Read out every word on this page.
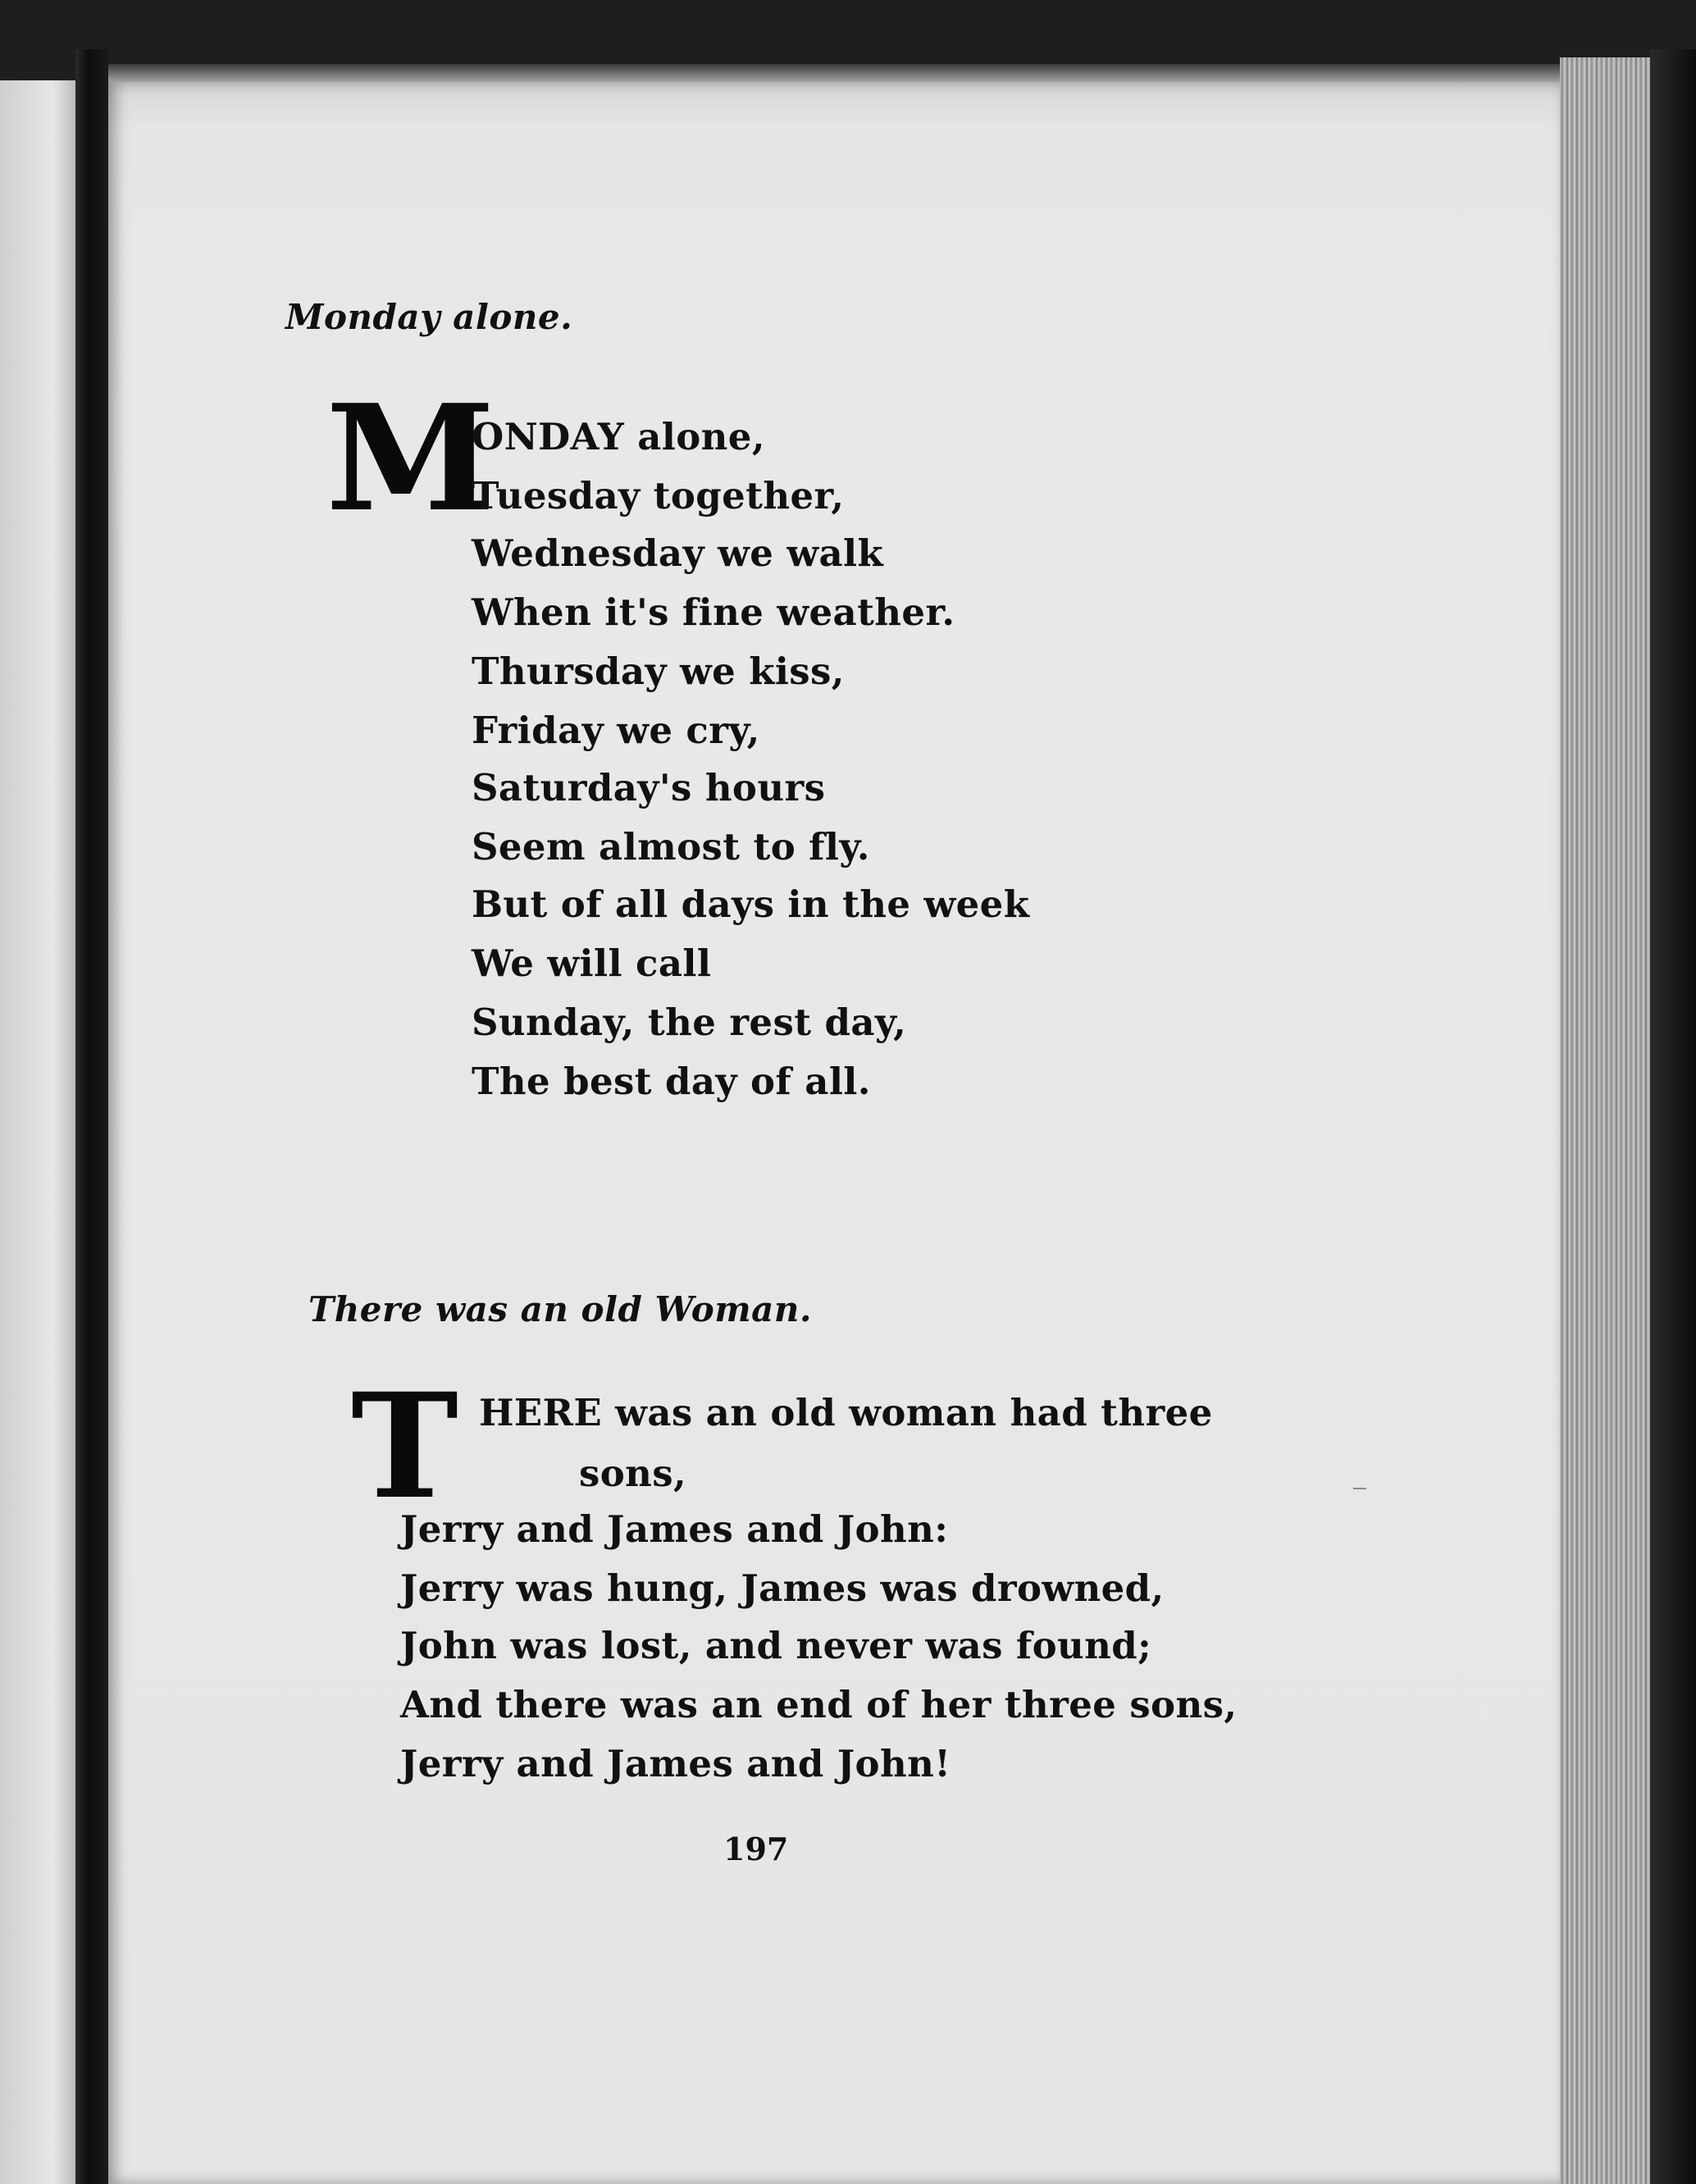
Monday alone.
M
ONDAY alone,
Tuesday together,
Wednesday we walk
When it's fine weather.
Thursday we kiss,
Friday we cry,
Saturday's hours
Seem almost to fly.
But of all days in the week
We will call
Sunday, the rest day,
The best day of all.
There was an old Woman.
T HERE was an old woman had three
sons,
Jerry and James and John:
Jerry was hung, James was drowned,
John was lost, and never was found;
And there was an end of her three sons,
Jerry and James and John!
197
